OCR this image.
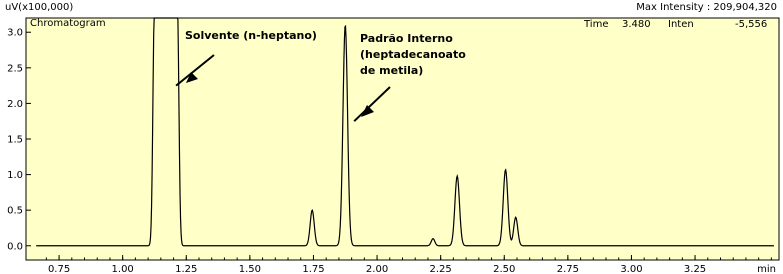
0.0
0.5
1.0
1.5
2.0
2.5
3.0
0.75	1.00	1.25	1.50	1.75	2.00	2.25	2.50	2.75	3.00	3.25	min
Solvente (n-heptano)	Padrão Interno
(heptadecanoato
de metila)
uV(x100,000)	Max Intensity : 209,904,320
Chromatogram	Time 3.480 Inten	-5,556
